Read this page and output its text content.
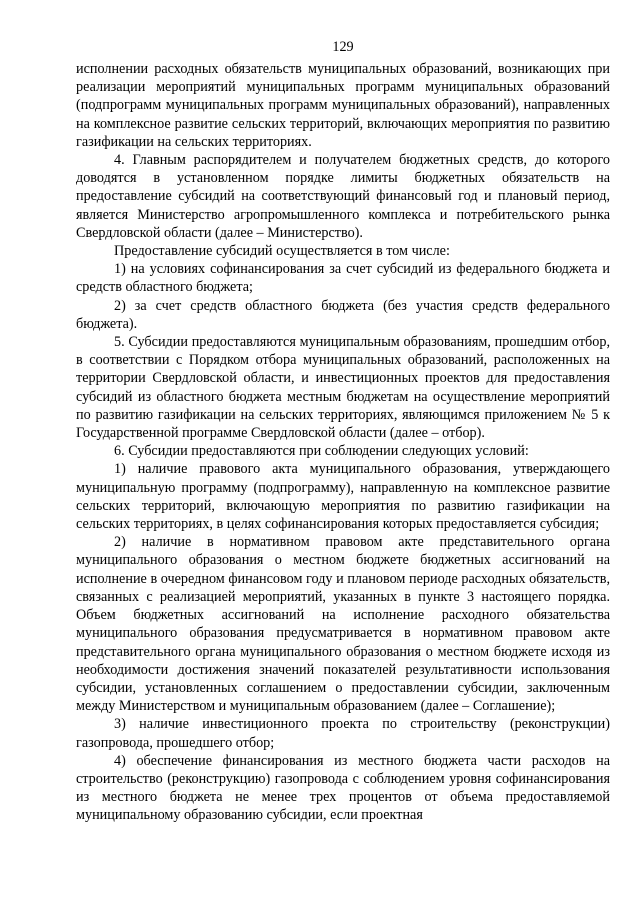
129

исполнении расходных обязательств муниципальных образований, возникающих при реализации мероприятий муниципальных программ муниципальных образований (подпрограмм муниципальных программ муниципальных образований), направленных на комплексное развитие сельских территорий, включающих мероприятия по развитию газификации на сельских территориях.

4. Главным распорядителем и получателем бюджетных средств, до которого доводятся в установленном порядке лимиты бюджетных обязательств на предоставление субсидий на соответствующий финансовый год и плановый период, является Министерство агропромышленного комплекса и потребительского рынка Свердловской области (далее – Министерство).

Предоставление субсидий осуществляется в том числе:

1) на условиях софинансирования за счет субсидий из федерального бюджета и средств областного бюджета;

2) за счет средств областного бюджета (без участия средств федерального бюджета).

5. Субсидии предоставляются муниципальным образованиям, прошедшим отбор, в соответствии с Порядком отбора муниципальных образований, расположенных на территории Свердловской области, и инвестиционных проектов для предоставления субсидий из областного бюджета местным бюджетам на осуществление мероприятий по развитию газификации на сельских территориях, являющимся приложением № 5 к Государственной программе Свердловской области (далее – отбор).

6. Субсидии предоставляются при соблюдении следующих условий:

1) наличие правового акта муниципального образования, утверждающего муниципальную программу (подпрограмму), направленную на комплексное развитие сельских территорий, включающую мероприятия по развитию газификации на сельских территориях, в целях софинансирования которых предоставляется субсидия;

2) наличие в нормативном правовом акте представительного органа муниципального образования о местном бюджете бюджетных ассигнований на исполнение в очередном финансовом году и плановом периоде расходных обязательств, связанных с реализацией мероприятий, указанных в пункте 3 настоящего порядка. Объем бюджетных ассигнований на исполнение расходного обязательства муниципального образования предусматривается в нормативном правовом акте представительного органа муниципального образования о местном бюджете исходя из необходимости достижения значений показателей результативности использования субсидии, установленных соглашением о предоставлении субсидии, заключенным между Министерством и муниципальным образованием (далее – Соглашение);

3) наличие инвестиционного проекта по строительству (реконструкции) газопровода, прошедшего отбор;

4) обеспечение финансирования из местного бюджета части расходов на строительство (реконструкцию) газопровода с соблюдением уровня софинансирования из местного бюджета не менее трех процентов от объема предоставляемой муниципальному образованию субсидии, если проектная
